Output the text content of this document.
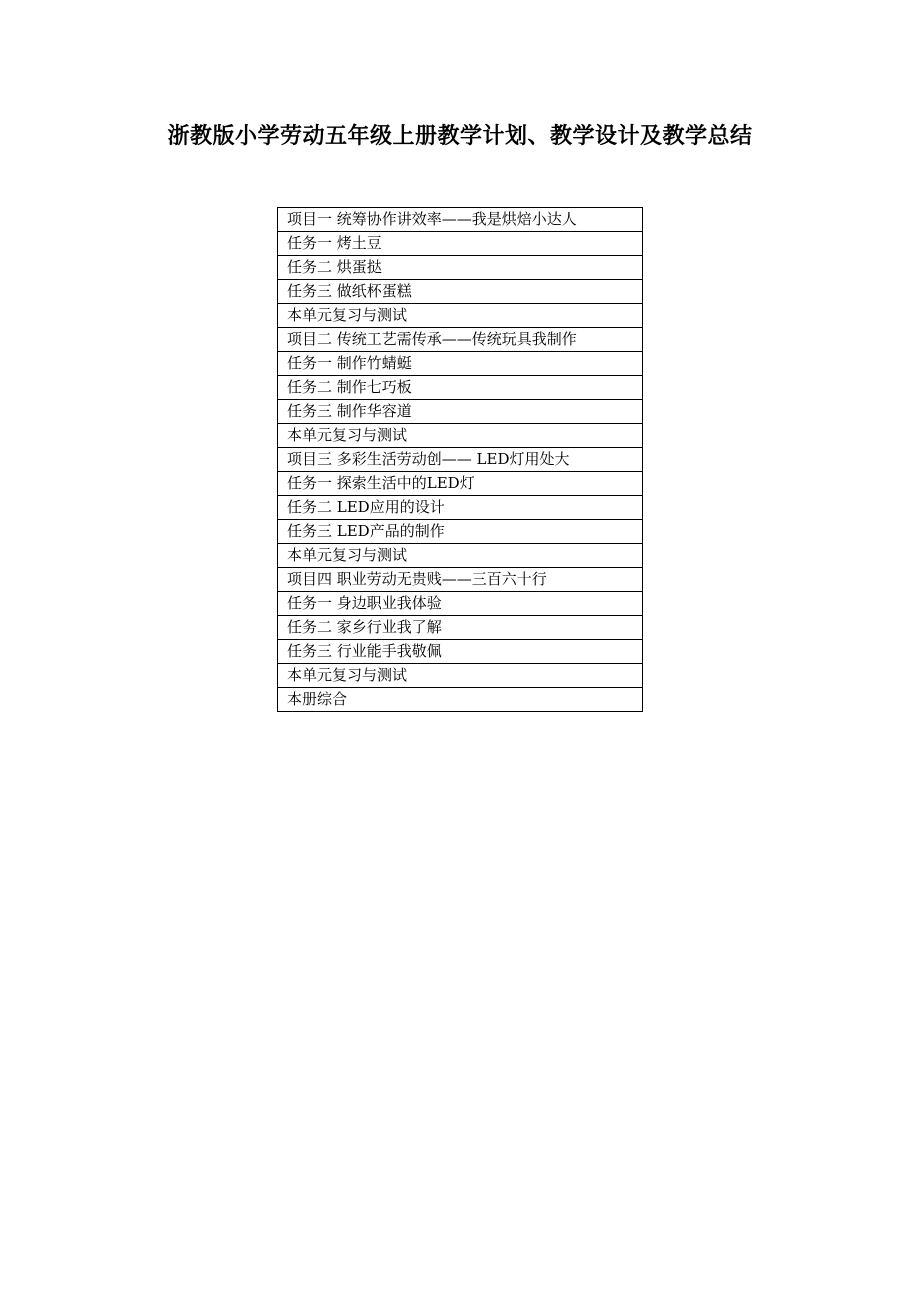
浙教版小学劳动五年级上册教学计划、教学设计及教学总结
项目一 统筹协作讲效率——我是烘焙小达人
任务一 烤土豆
任务二 烘蛋挞
任务三 做纸杯蛋糕
本单元复习与测试
项目二 传统工艺需传承——传统玩具我制作
任务一 制作竹蜻蜓
任务二 制作七巧板
任务三 制作华容道
本单元复习与测试
项目三 多彩生活劳动创—— LED灯用处大
任务一 探索生活中的LED灯
任务二 LED应用的设计
任务三 LED产品的制作
本单元复习与测试
项目四 职业劳动无贵贱——三百六十行
任务一 身边职业我体验
任务二 家乡行业我了解
任务三 行业能手我敬佩
本单元复习与测试
本册综合
